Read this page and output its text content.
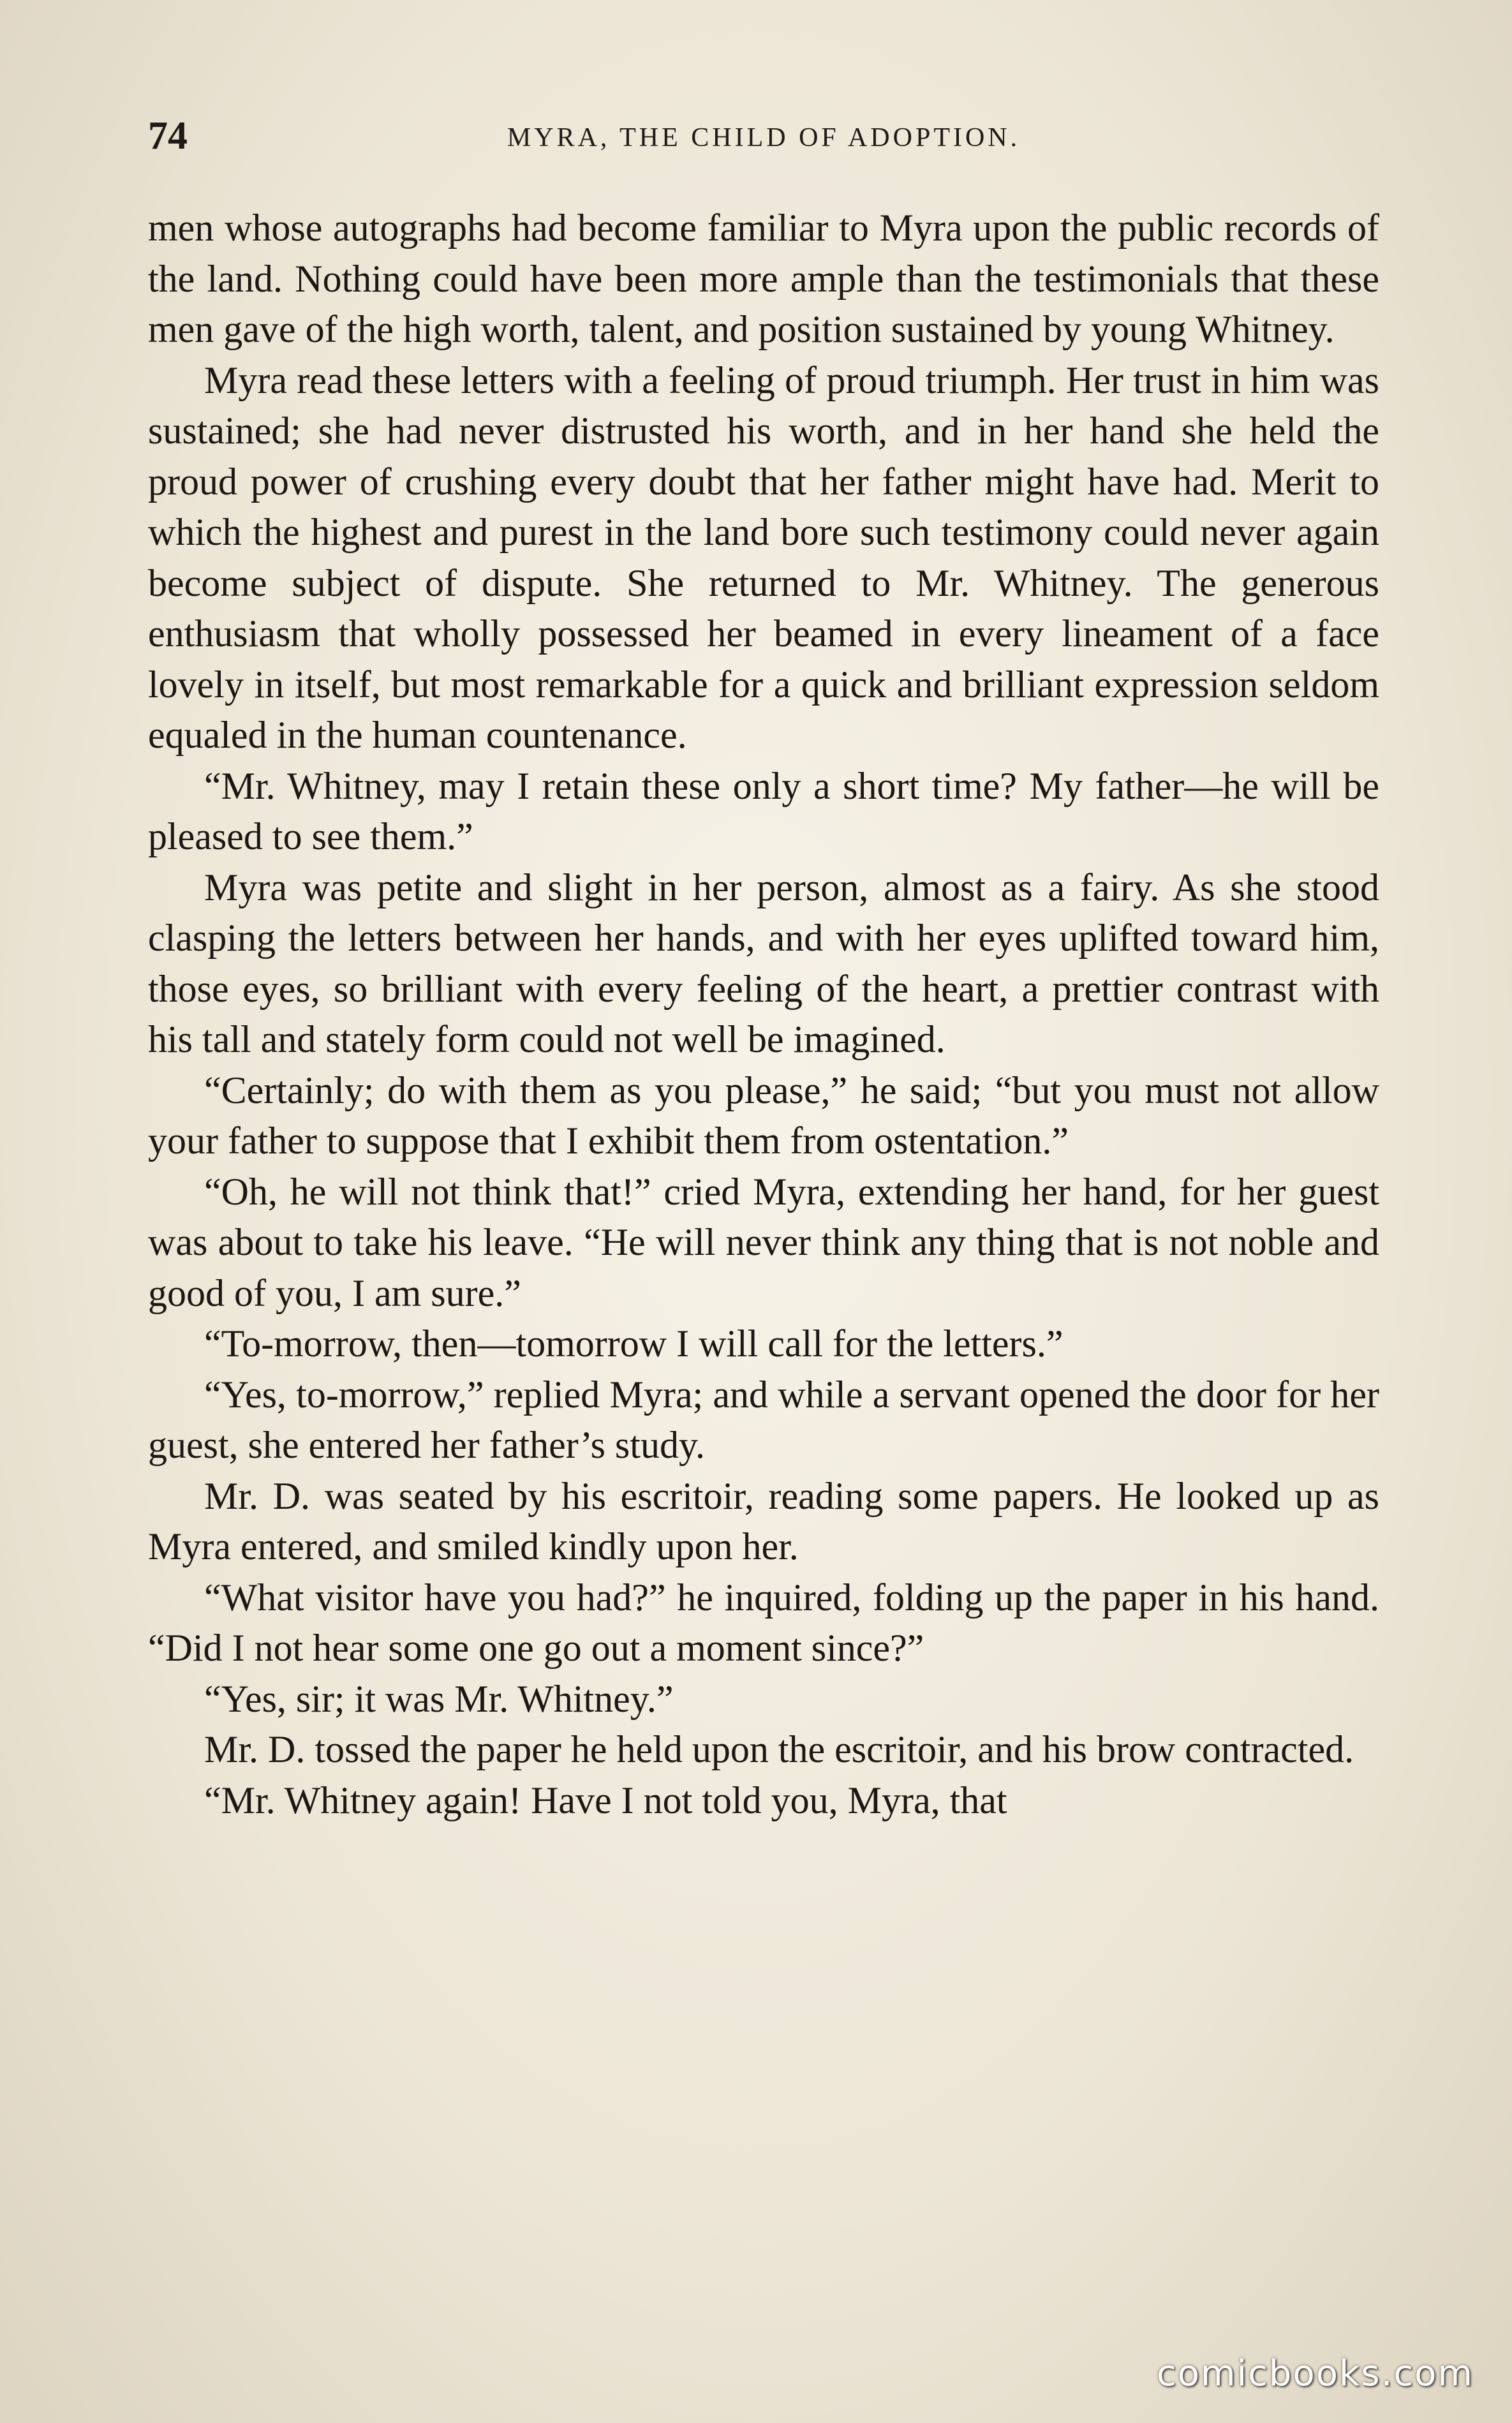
74	MYRA, THE CHILD OF ADOPTION.

men whose autographs had become familiar to Myra upon the public records of the land. Nothing could have been more ample than the testimonials that these men gave of the high worth, talent, and position sustained by young Whitney.

Myra read these letters with a feeling of proud triumph. Her trust in him was sustained; she had never distrusted his worth, and in her hand she held the proud power of crushing every doubt that her father might have had. Merit to which the highest and purest in the land bore such testimony could never again become subject of dispute. She returned to Mr. Whitney. The generous enthusiasm that wholly possessed her beamed in every lineament of a face lovely in itself, but most remarkable for a quick and brilliant expression seldom equaled in the human countenance.

“Mr. Whitney, may I retain these only a short time? My father—he will be pleased to see them.”

Myra was petite and slight in her person, almost as a fairy. As she stood clasping the letters between her hands, and with her eyes uplifted toward him, those eyes, so brilliant with every feeling of the heart, a prettier contrast with his tall and stately form could not well be imagined.

“Certainly; do with them as you please,” he said; “but you must not allow your father to suppose that I exhibit them from ostentation.”

“Oh, he will not think that!” cried Myra, extending her hand, for her guest was about to take his leave. “He will never think any thing that is not noble and good of you, I am sure.”

“To-morrow, then—tomorrow I will call for the letters.”

“Yes, to-morrow,” replied Myra; and while a servant opened the door for her guest, she entered her father’s study.

Mr. D. was seated by his escritoir, reading some papers. He looked up as Myra entered, and smiled kindly upon her.

“What visitor have you had?” he inquired, folding up the paper in his hand. “Did I not hear some one go out a moment since?”

“Yes, sir; it was Mr. Whitney.”

Mr. D. tossed the paper he held upon the escritoir, and his brow contracted.

“Mr. Whitney again! Have I not told you, Myra, that

comicbooks.com
